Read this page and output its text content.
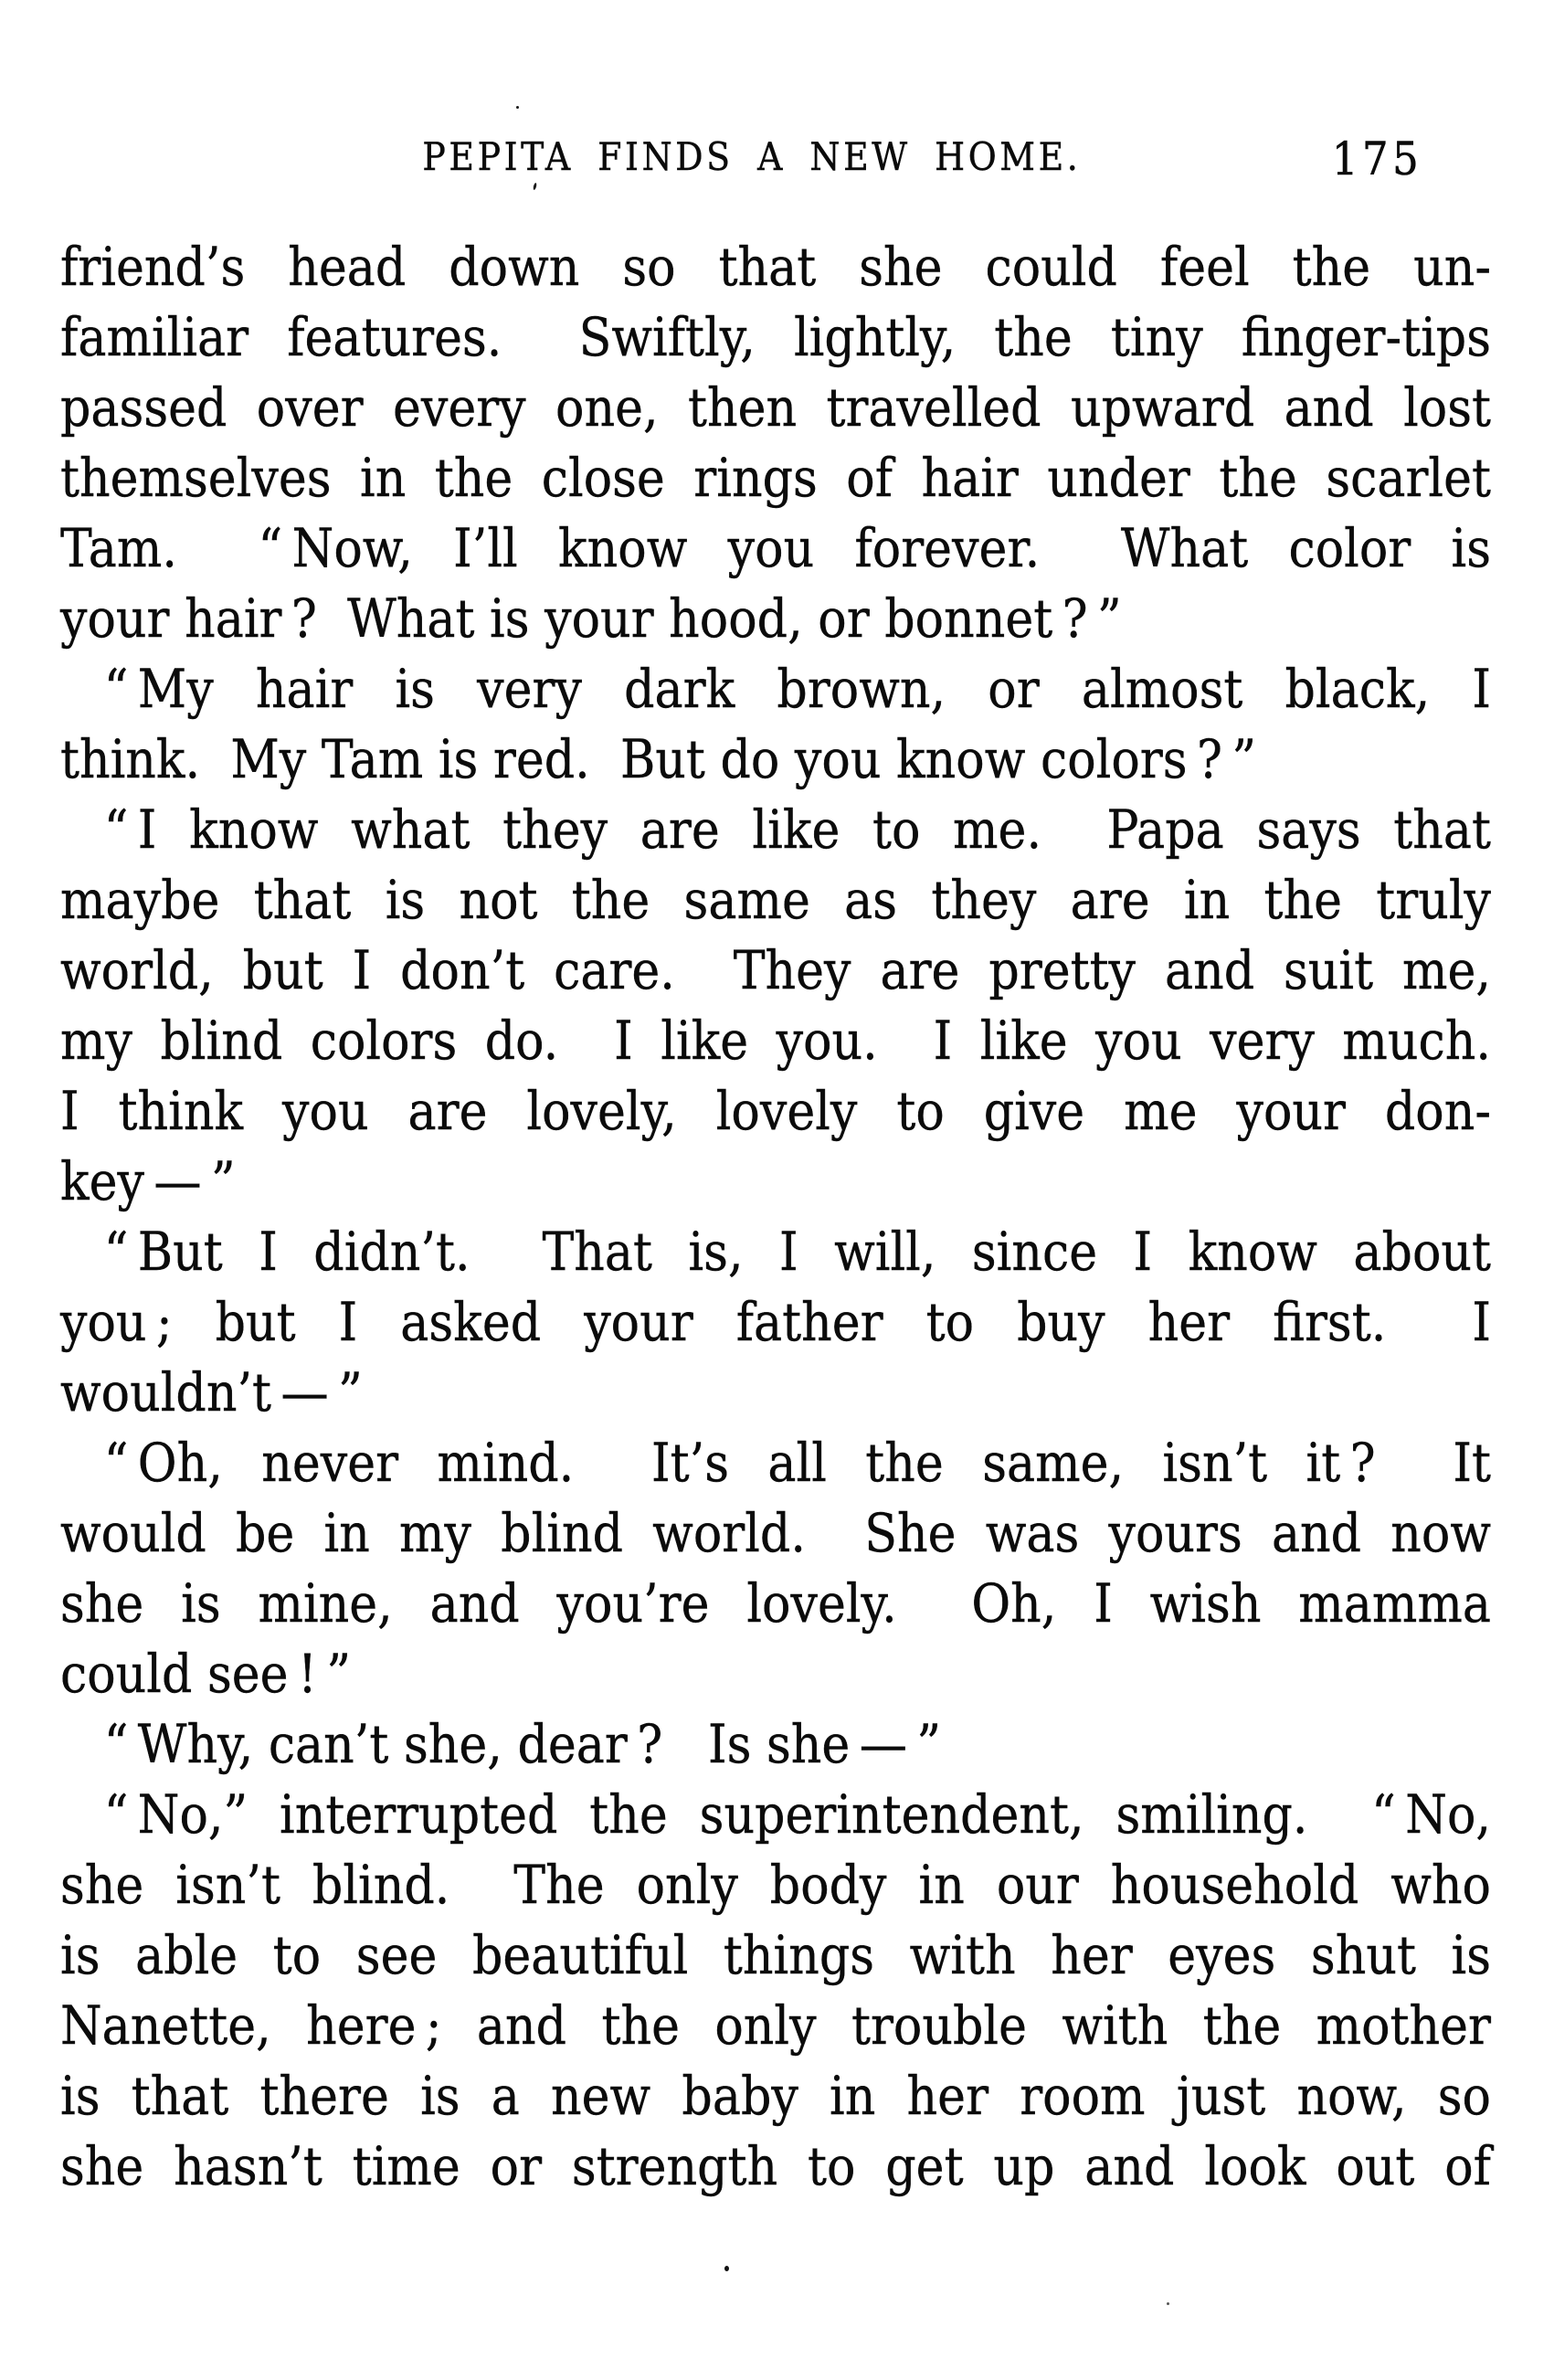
PEPITA FINDS A NEW HOME.	175
friend’s head down so that she could feel the un-
familiar features.  Swiftly, lightly, the tiny finger-tips
passed over every one, then travelled upward and lost
themselves in the close rings of hair under the scarlet
Tam.  “ Now, I’ll know you forever.  What color is
your hair ?  What is your hood, or bonnet ? ”
“ My hair is very dark brown, or almost black, I
think.  My Tam is red.  But do you know colors ? ”
“ I know what they are like to me.  Papa says that
maybe that is not the same as they are in the truly
world, but I don’t care.  They are pretty and suit me,
my blind colors do.  I like you.  I like you very much.
I think you are lovely, lovely to give me your don-
key — ”
“ But I didn’t.  That is, I will, since I know about
you ; but I asked your father to buy her first.  I
wouldn’t — ”
“ Oh, never mind.  It’s all the same, isn’t it ?  It
would be in my blind world.  She was yours and now
she is mine, and you’re lovely.  Oh, I wish mamma
could see ! ”
“ Why, can’t she, dear ?   Is she — ”
“ No,” interrupted the superintendent, smiling.  “ No,
she isn’t blind.  The only body in our household who
is able to see beautiful things with her eyes shut is
Nanette, here ; and the only trouble with the mother
is that there is a new baby in her room just now, so
she hasn’t time or strength to get up and look out of
